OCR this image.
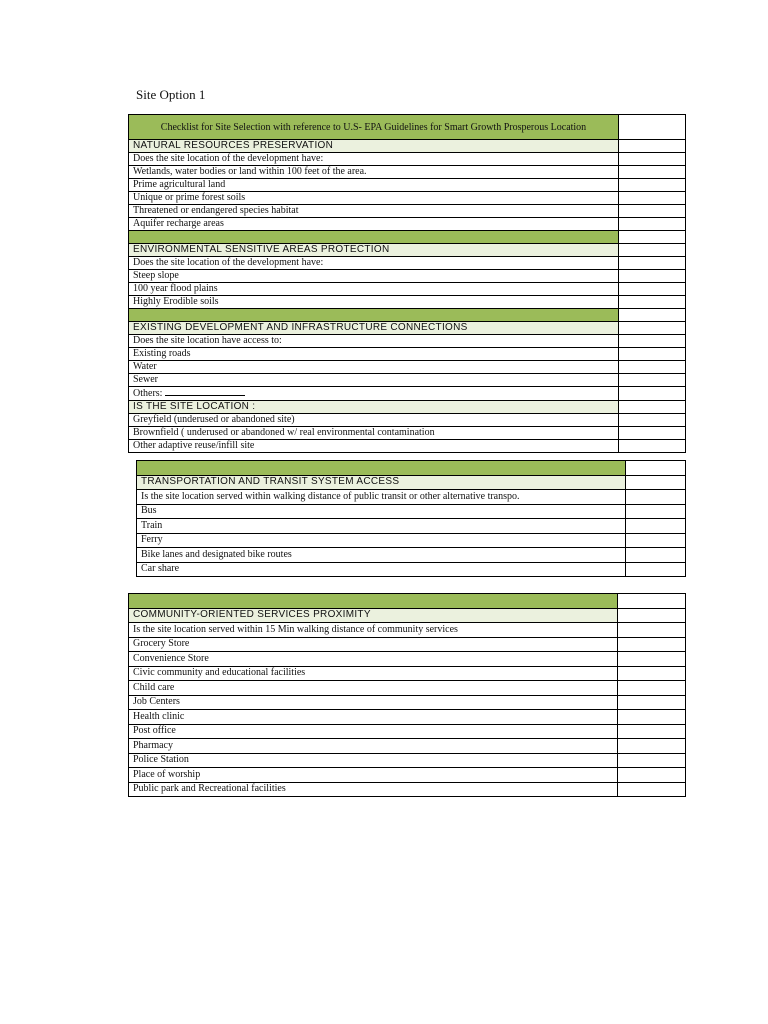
Site Option 1
Checklist for Site Selection with reference to U.S- EPA Guidelines for Smart Growth Prosperous Location	
NATURAL RESOURCES PRESERVATION	
Does the site location of the development have:	
Wetlands, water bodies or land within 100 feet of the area.	
Prime agricultural land	
Unique or prime forest soils	
Threatened or endangered species habitat	
Aquifer recharge areas	

ENVIRONMENTAL SENSITIVE AREAS PROTECTION	
Does the site location of the development have:	
Steep slope	
100 year flood plains	
Highly Erodible soils	

EXISTING DEVELOPMENT AND INFRASTRUCTURE CONNECTIONS	
Does the site location have access to:	
Existing roads	
Water	
Sewer	
Others:	
IS THE SITE LOCATION :	
Greyfield (underused or abandoned site)	
Brownfield ( underused or abandoned w/ real environmental contamination	
Other adaptive reuse/infill site	

TRANSPORTATION AND TRANSIT SYSTEM ACCESS	
Is the site location served within walking distance of public transit or other alternative transpo.	
Bus	
Train	
Ferry	
Bike lanes and designated bike routes	
Car share	

COMMUNITY-ORIENTED SERVICES PROXIMITY	
Is the site location served within 15 Min walking distance of community services	
Grocery Store	
Convenience Store	
Civic community and educational facilities	
Child care	
Job Centers	
Health clinic	
Post office	
Pharmacy	
Police Station	
Place of worship	
Public park and Recreational facilities	
